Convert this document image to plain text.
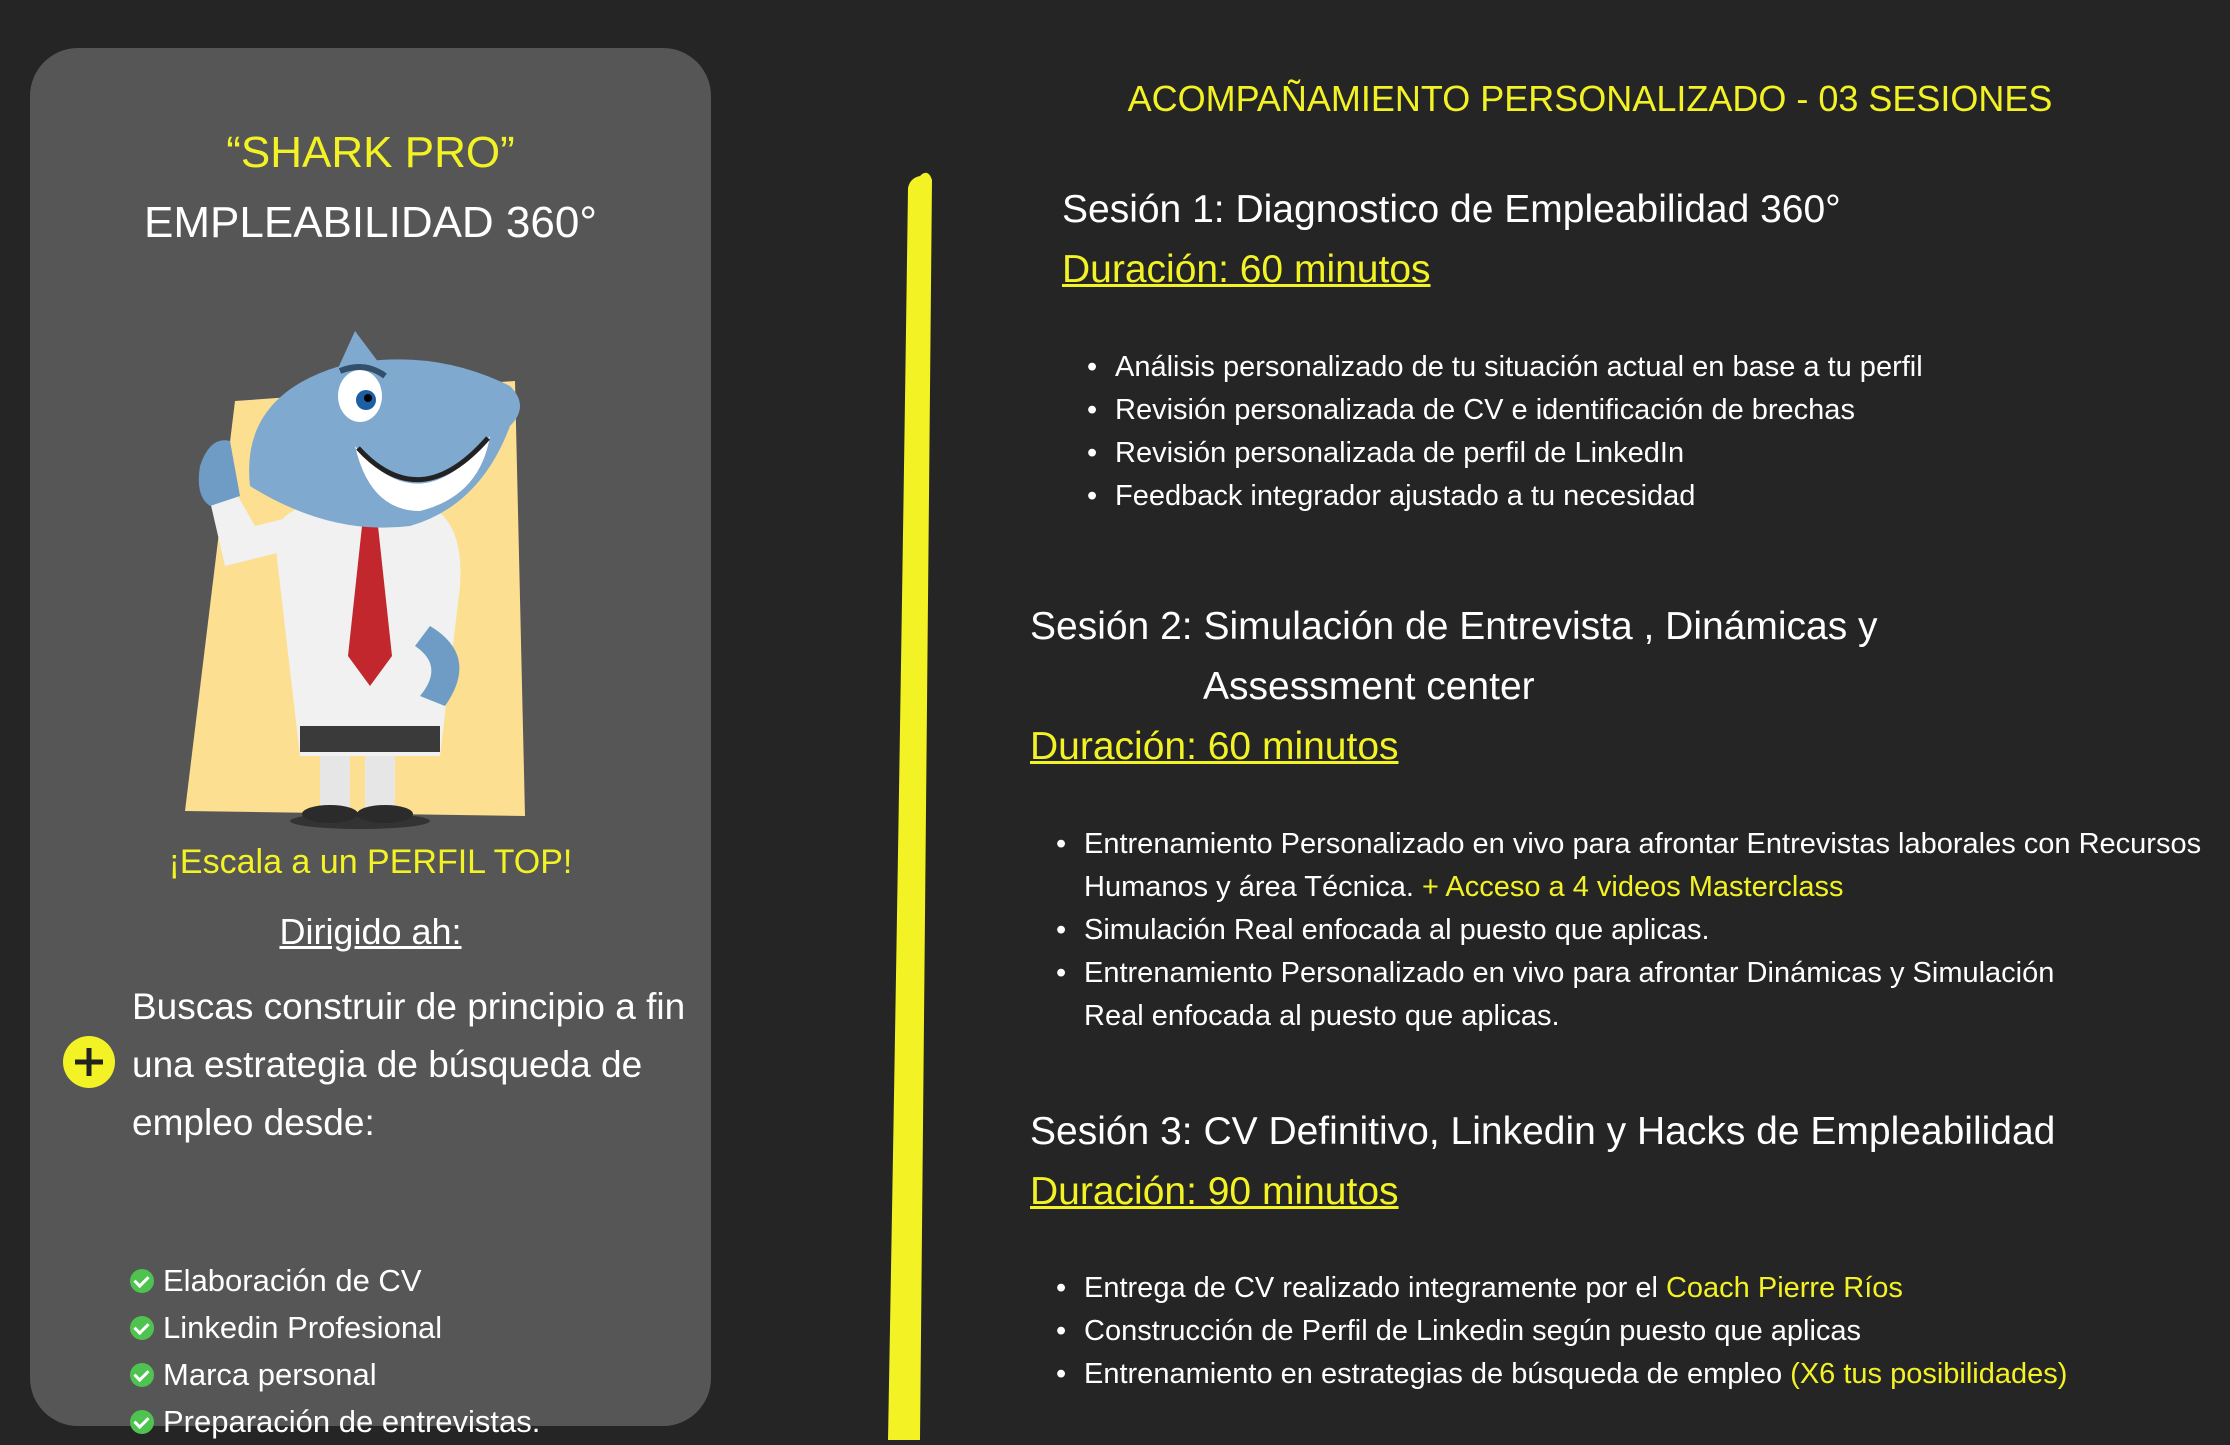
“SHARK PRO”
EMPLEABILIDAD 360°
¡Escala a un PERFIL TOP!
Dirigido ah:
Buscas construir de principio a fin una estrategia de búsqueda de empleo desde:
Elaboración de CV
Linkedin Profesional
Marca personal
Preparación de entrevistas.
ACOMPAÑAMIENTO PERSONALIZADO - 03 SESIONES
Sesión 1: Diagnostico de Empleabilidad 360°
Duración: 60 minutos
• Análisis personalizado de tu situación actual en base a tu perfil
• Revisión personalizada de CV e identificación de brechas
• Revisión personalizada de perfil de LinkedIn
• Feedback integrador ajustado a tu necesidad
Sesión 2: Simulación de Entrevista , Dinámicas y
Assessment center
Duración: 60 minutos
• Entrenamiento Personalizado en vivo para afrontar Entrevistas laborales con Recursos Humanos y área Técnica. + Acceso a 4 videos Masterclass
• Simulación Real enfocada al puesto que aplicas.
• Entrenamiento Personalizado en vivo para afrontar Dinámicas y Simulación Real enfocada al puesto que aplicas.
Sesión 3: CV Definitivo, Linkedin y Hacks de Empleabilidad
Duración: 90 minutos
• Entrega de CV realizado integramente por el Coach Pierre Ríos
• Construcción de Perfil de Linkedin según puesto que aplicas
• Entrenamiento en estrategias de búsqueda de empleo (X6 tus posibilidades)
